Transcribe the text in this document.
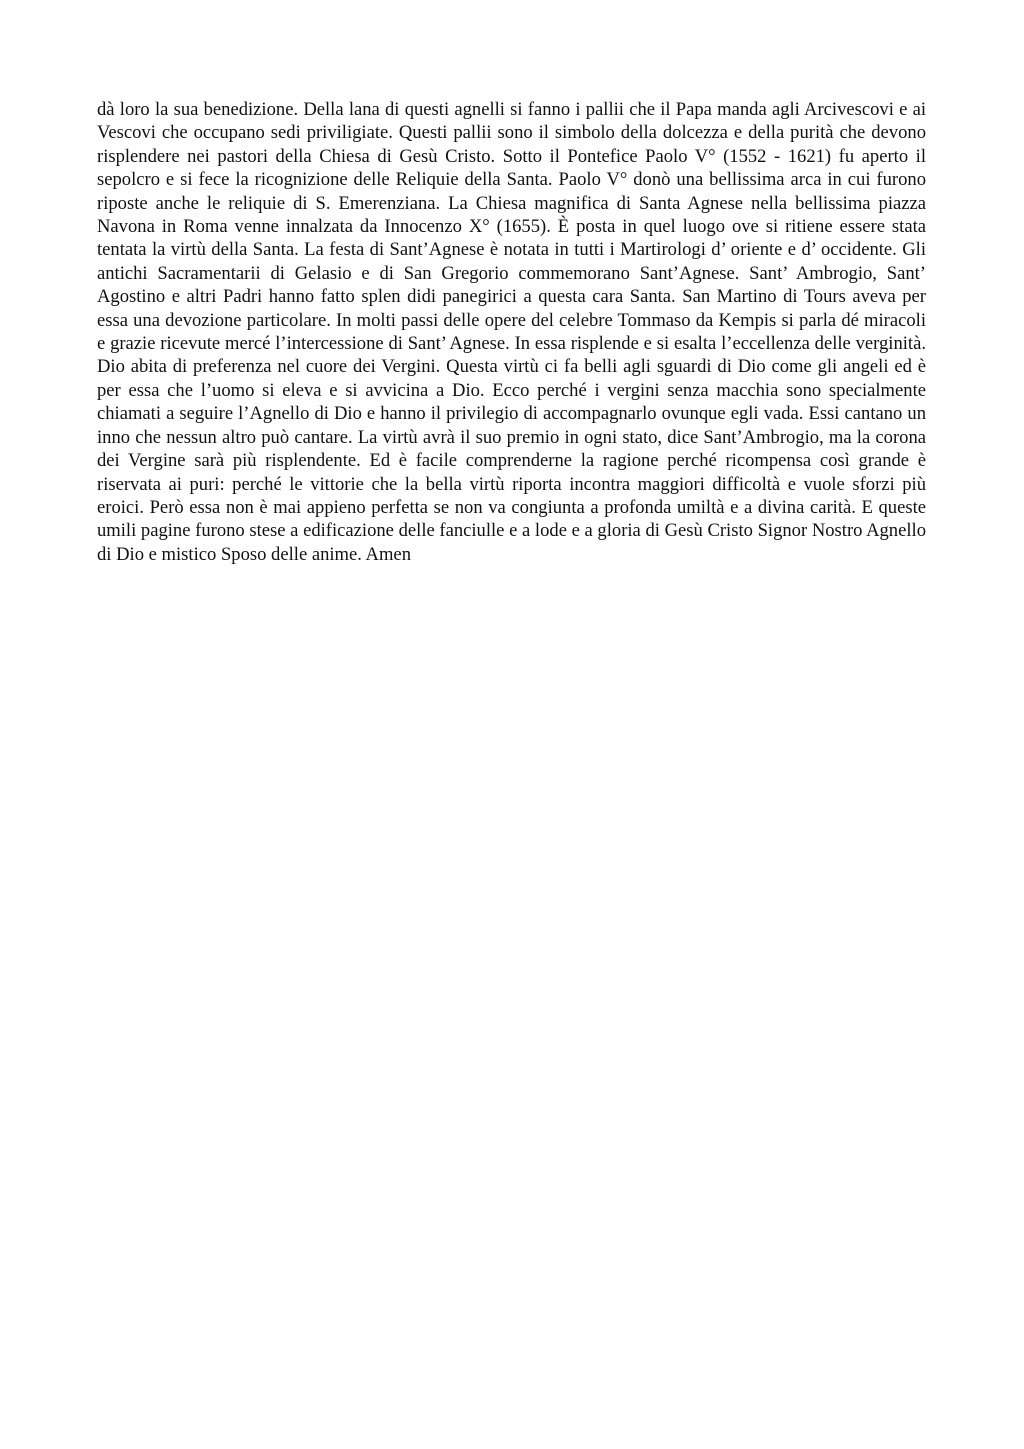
dà loro la sua benedizione. Della lana di questi agnelli si fanno i pallii che il Papa manda agli Arcivescovi e ai Vescovi che occupano sedi priviligiate. Questi pallii sono il simbolo della dolcezza e della purità che devono risplendere nei pastori della Chiesa di Gesù Cristo. Sotto il Pontefice Paolo V° (1552 - 1621) fu aperto il sepolcro e si fece la ricognizione delle Reliquie della Santa. Paolo V° donò una bellissima arca in cui furono riposte anche le reliquie di S. Emerenziana. La Chiesa magnifica di Santa Agnese nella bellissima piazza Navona in Roma venne innalzata da Innocenzo X° (1655). È posta in quel luogo ove si ritiene essere stata tentata la virtù della Santa. La festa di Sant’Agnese è notata in tutti i Martirologi d’ oriente e d’ occidente. Gli antichi Sacramentarii di Gelasio e di San Gregorio commemorano Sant’Agnese. Sant’ Ambrogio, Sant’ Agostino e altri Padri hanno fatto splen didi panegirici a questa cara Santa. San Martino di Tours aveva per essa una devozione particolare. In molti passi delle opere del celebre Tommaso da Kempis si parla dé miracoli e grazie ricevute mercé l’intercessione di Sant’ Agnese. In essa risplende e si esalta l’eccellenza delle verginità. Dio abita di preferenza nel cuore dei Vergini. Questa virtù ci fa belli agli sguardi di Dio come gli angeli ed è per essa che l’uomo si eleva e si avvicina a Dio. Ecco perché i vergini senza macchia sono specialmente chiamati a seguire l’Agnello di Dio e hanno il privilegio di accompagnarlo ovunque egli vada. Essi cantano un inno che nessun altro può cantare. La virtù avrà il suo premio in ogni stato, dice Sant’Ambrogio, ma la corona dei Vergine sarà più risplendente. Ed è facile comprenderne la ragione perché ricompensa così grande è riservata ai puri: perché le vittorie che la bella virtù riporta incontra maggiori difficoltà e vuole sforzi più eroici. Però essa non è mai appieno perfetta se non va congiunta a profonda umiltà e a divina carità. E queste umili pagine furono stese a edificazione delle fanciulle e a lode e a gloria di Gesù Cristo Signor Nostro Agnello di Dio e mistico Sposo delle anime. Amen
